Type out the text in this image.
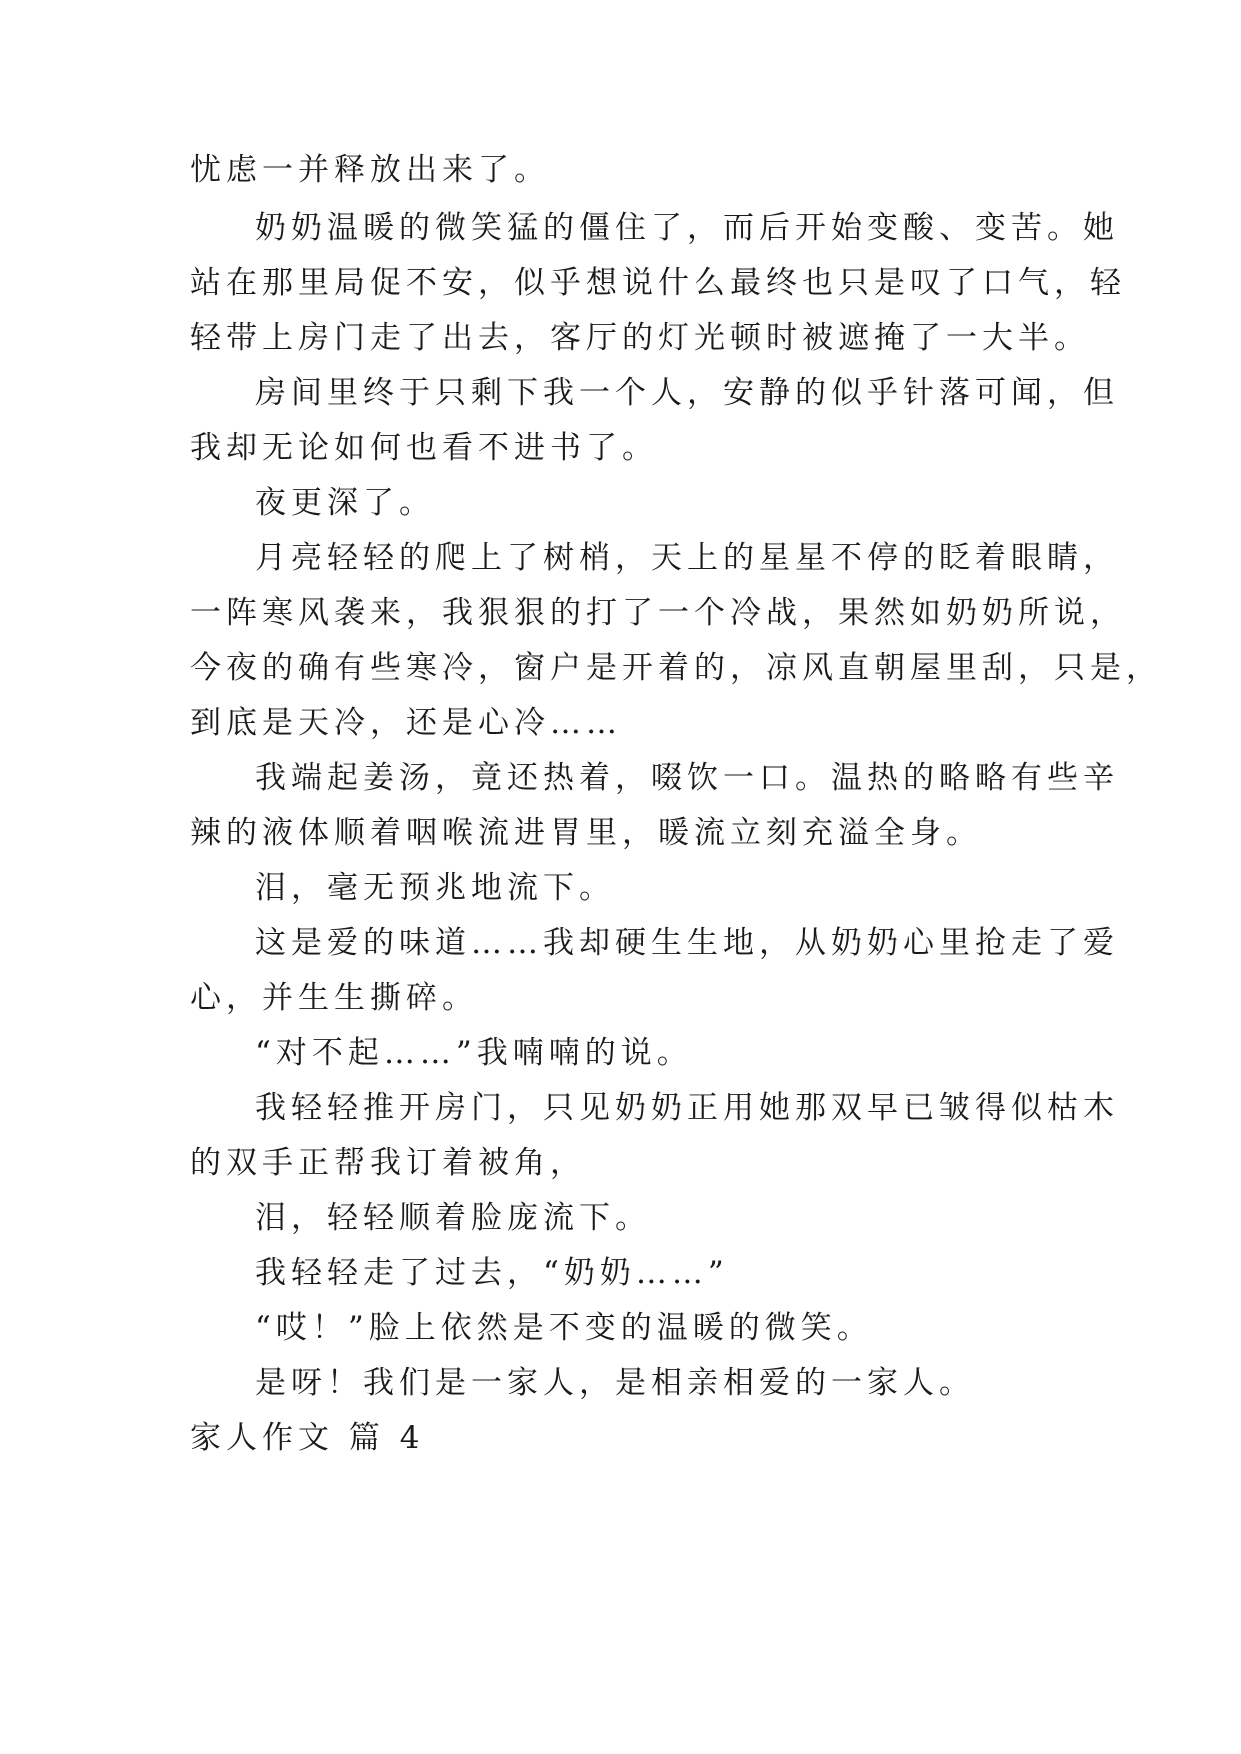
忧虑一并释放出来了。
奶奶温暖的微笑猛的僵住了，而后开始变酸、变苦。她
站在那里局促不安，似乎想说什么最终也只是叹了口气，轻
轻带上房门走了出去，客厅的灯光顿时被遮掩了一大半。
房间里终于只剩下我一个人，安静的似乎针落可闻，但
我却无论如何也看不进书了。
夜更深了。
月亮轻轻的爬上了树梢，天上的星星不停的眨着眼睛，
一阵寒风袭来，我狠狠的打了一个冷战，果然如奶奶所说，
今夜的确有些寒冷，窗户是开着的，凉风直朝屋里刮，只是，
到底是天冷，还是心冷……
我端起姜汤，竟还热着，啜饮一口。温热的略略有些辛
辣的液体顺着咽喉流进胃里，暖流立刻充溢全身。
泪，毫无预兆地流下。
这是爱的味道……我却硬生生地，从奶奶心里抢走了爱
心，并生生撕碎。
“对不起……”我喃喃的说。
我轻轻推开房门，只见奶奶正用她那双早已皱得似枯木
的双手正帮我订着被角，
泪，轻轻顺着脸庞流下。
我轻轻走了过去，“奶奶……”
“哎！”脸上依然是不变的温暖的微笑。
是呀！我们是一家人，是相亲相爱的一家人。
家人作文 篇 4
